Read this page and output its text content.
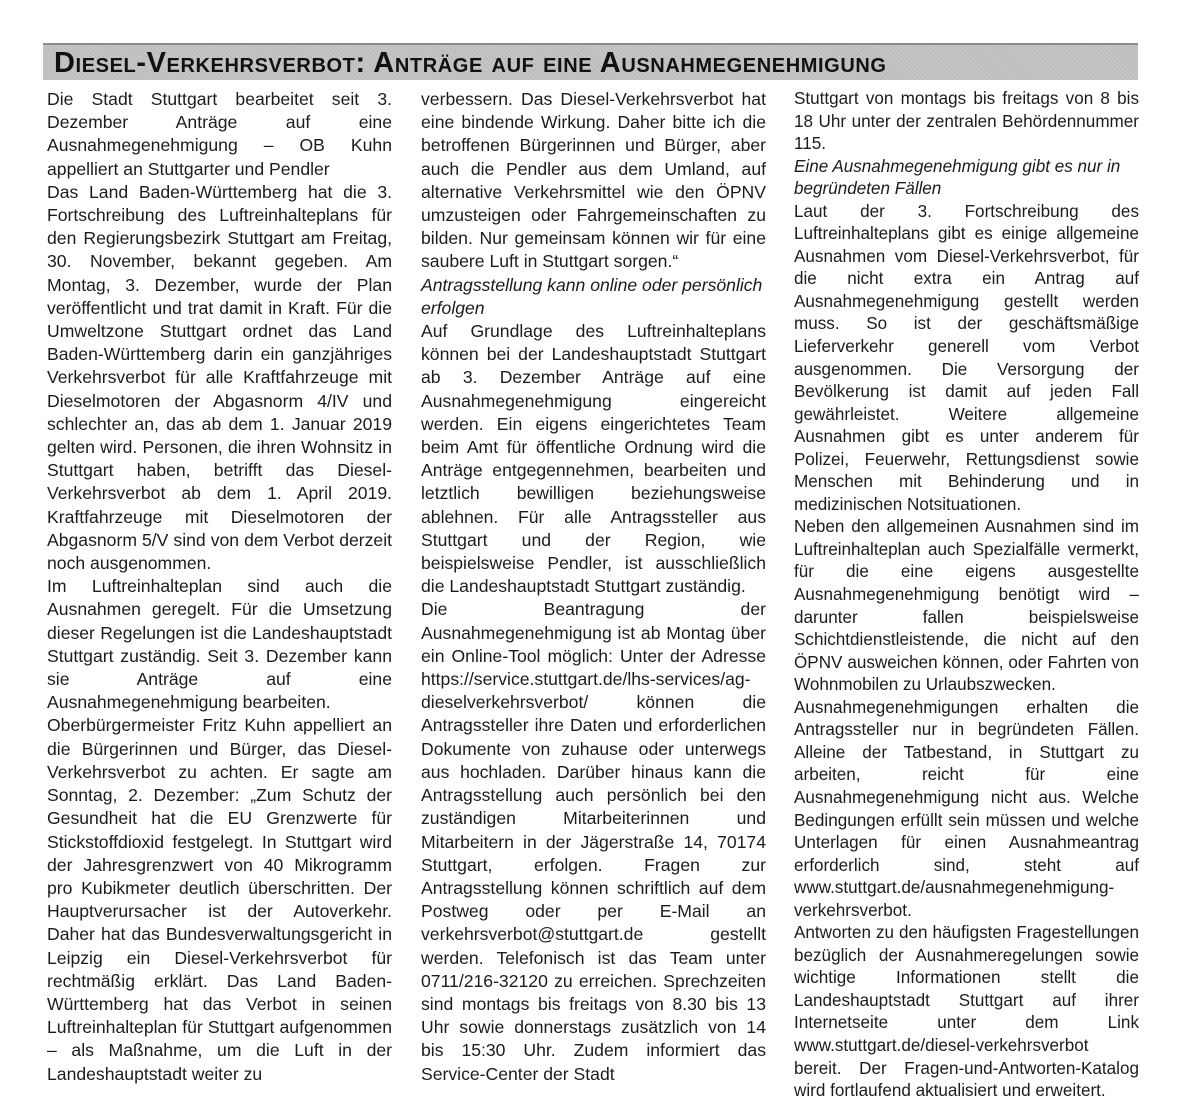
Diesel-Verkehrsverbot: Anträge auf eine Ausnahmegenehmigung

Die Stadt Stuttgart bearbeitet seit 3. Dezember Anträge auf eine Ausnahmegenehmigung – OB Kuhn appelliert an Stuttgarter und Pendler

Das Land Baden-Württemberg hat die 3. Fortschreibung des Luftreinhalteplans für den Regierungsbezirk Stuttgart am Freitag, 30. November, bekannt gegeben. Am Montag, 3. Dezember, wurde der Plan veröffentlicht und trat damit in Kraft. Für die Umweltzone Stuttgart ordnet das Land Baden-Württemberg darin ein ganzjähriges Verkehrsverbot für alle Kraftfahrzeuge mit Dieselmotoren der Abgasnorm 4/IV und schlechter an, das ab dem 1. Januar 2019 gelten wird. Personen, die ihren Wohnsitz in Stuttgart haben, betrifft das Diesel-Verkehrsverbot ab dem 1. April 2019. Kraftfahrzeuge mit Dieselmotoren der Abgasnorm 5/V sind von dem Verbot derzeit noch ausgenommen.

Im Luftreinhalteplan sind auch die Ausnahmen geregelt. Für die Umsetzung dieser Regelungen ist die Landeshauptstadt Stuttgart zuständig. Seit 3. Dezember kann sie Anträge auf eine Ausnahmegenehmigung bearbeiten.

Oberbürgermeister Fritz Kuhn appelliert an die Bürgerinnen und Bürger, das Diesel-Verkehrsverbot zu achten. Er sagte am Sonntag, 2. Dezember: „Zum Schutz der Gesundheit hat die EU Grenzwerte für Stickstoffdioxid festgelegt. In Stuttgart wird der Jahresgrenzwert von 40 Mikrogramm pro Kubikmeter deutlich überschritten. Der Hauptverursacher ist der Autoverkehr. Daher hat das Bundesverwaltungsgericht in Leipzig ein Diesel-Verkehrsverbot für rechtmäßig erklärt. Das Land Baden-Württemberg hat das Verbot in seinen Luftreinhalteplan für Stuttgart aufgenommen – als Maßnahme, um die Luft in der Landeshauptstadt weiter zu

verbessern. Das Diesel-Verkehrsverbot hat eine bindende Wirkung. Daher bitte ich die betroffenen Bürgerinnen und Bürger, aber auch die Pendler aus dem Umland, auf alternative Verkehrsmittel wie den ÖPNV umzusteigen oder Fahrgemeinschaften zu bilden. Nur gemeinsam können wir für eine saubere Luft in Stuttgart sorgen.“

Antragsstellung kann online oder persönlich erfolgen

Auf Grundlage des Luftreinhalteplans können bei der Landeshauptstadt Stuttgart ab 3. Dezember Anträge auf eine Ausnahmegenehmigung eingereicht werden. Ein eigens eingerichtetes Team beim Amt für öffentliche Ordnung wird die Anträge entgegennehmen, bearbeiten und letztlich bewilligen beziehungsweise ablehnen. Für alle Antragssteller aus Stuttgart und der Region, wie beispielsweise Pendler, ist ausschließlich die Landeshauptstadt Stuttgart zuständig.

Die Beantragung der Ausnahmegenehmigung ist ab Montag über ein Online-Tool möglich: Unter der Adresse https://service.stuttgart.de/lhs-services/ag-dieselverkehrsverbot/ können die Antragssteller ihre Daten und erforderlichen Dokumente von zuhause oder unterwegs aus hochladen. Darüber hinaus kann die Antragsstellung auch persönlich bei den zuständigen Mitarbeiterinnen und Mitarbeitern in der Jägerstraße 14, 70174 Stuttgart, erfolgen. Fragen zur Antragsstellung können schriftlich auf dem Postweg oder per E-Mail an verkehrsverbot@stuttgart.de gestellt werden. Telefonisch ist das Team unter 0711/216-32120 zu erreichen. Sprechzeiten sind montags bis freitags von 8.30 bis 13 Uhr sowie donnerstags zusätzlich von 14 bis 15:30 Uhr. Zudem informiert das Service-Center der Stadt

Stuttgart von montags bis freitags von 8 bis 18 Uhr unter der zentralen Behördennummer 115.

Eine Ausnahmegenehmigung gibt es nur in begründeten Fällen

Laut der 3. Fortschreibung des Luftreinhalteplans gibt es einige allgemeine Ausnahmen vom Diesel-Verkehrsverbot, für die nicht extra ein Antrag auf Ausnahmegenehmigung gestellt werden muss. So ist der geschäftsmäßige Lieferverkehr generell vom Verbot ausgenommen. Die Versorgung der Bevölkerung ist damit auf jeden Fall gewährleistet. Weitere allgemeine Ausnahmen gibt es unter anderem für Polizei, Feuerwehr, Rettungsdienst sowie Menschen mit Behinderung und in medizinischen Notsituationen.

Neben den allgemeinen Ausnahmen sind im Luftreinhalteplan auch Spezialfälle vermerkt, für die eine eigens ausgestellte Ausnahmegenehmigung benötigt wird – darunter fallen beispielsweise Schichtdienstleistende, die nicht auf den ÖPNV ausweichen können, oder Fahrten von Wohnmobilen zu Urlaubszwecken.

Ausnahmegenehmigungen erhalten die Antragssteller nur in begründeten Fällen. Alleine der Tatbestand, in Stuttgart zu arbeiten, reicht für eine Ausnahmegenehmigung nicht aus. Welche Bedingungen erfüllt sein müssen und welche Unterlagen für einen Ausnahmeantrag erforderlich sind, steht auf www.stuttgart.de/ausnahmegenehmigung-verkehrsverbot.

Antworten zu den häufigsten Fragestellungen bezüglich der Ausnahmeregelungen sowie wichtige Informationen stellt die Landeshauptstadt Stuttgart auf ihrer Internetseite unter dem Link www.stuttgart.de/diesel-verkehrsverbot bereit. Der Fragen-und-Antworten-Katalog wird fortlaufend aktualisiert und erweitert.
